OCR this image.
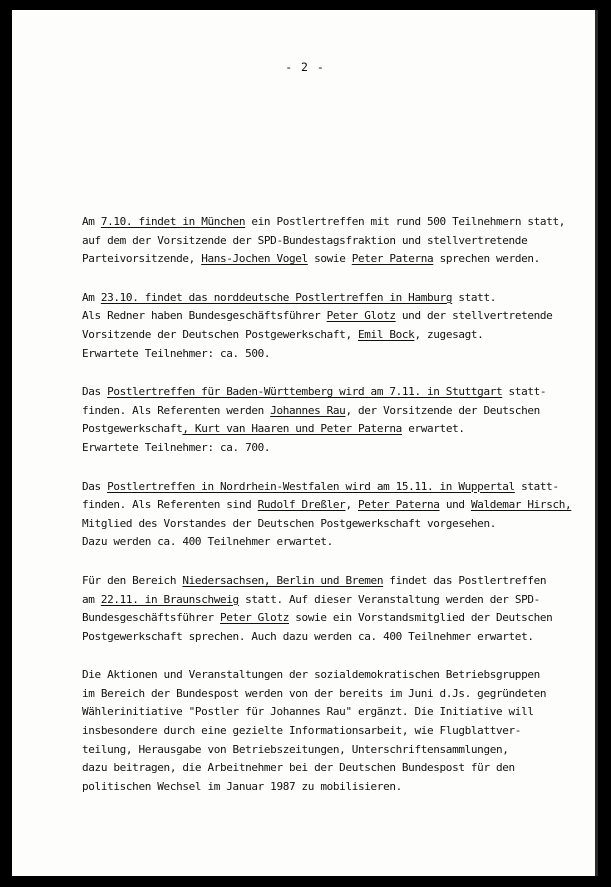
- 2 -
Am 7.10. findet in München ein Postlertreffen mit rund 500 Teilnehmern statt,
auf dem der Vorsitzende der SPD-Bundestagsfraktion und stellvertretende
Parteivorsitzende, Hans-Jochen Vogel sowie Peter Paterna sprechen werden.
Am 23.10. findet das norddeutsche Postlertreffen in Hamburg statt.
Als Redner haben Bundesgeschäftsführer Peter Glotz und der stellvertretende
Vorsitzende der Deutschen Postgewerkschaft, Emil Bock, zugesagt.
Erwartete Teilnehmer: ca. 500.
Das Postlertreffen für Baden-Württemberg wird am 7.11. in Stuttgart statt-
finden. Als Referenten werden Johannes Rau, der Vorsitzende der Deutschen
Postgewerkschaft, Kurt van Haaren und Peter Paterna erwartet.
Erwartete Teilnehmer: ca. 700.
Das Postlertreffen in Nordrhein-Westfalen wird am 15.11. in Wuppertal statt-
finden. Als Referenten sind Rudolf Dreßler, Peter Paterna und Waldemar Hirsch,
Mitglied des Vorstandes der Deutschen Postgewerkschaft vorgesehen.
Dazu werden ca. 400 Teilnehmer erwartet.
Für den Bereich Niedersachsen, Berlin und Bremen findet das Postlertreffen
am 22.11. in Braunschweig statt. Auf dieser Veranstaltung werden der SPD-
Bundesgeschäftsführer Peter Glotz sowie ein Vorstandsmitglied der Deutschen
Postgewerkschaft sprechen. Auch dazu werden ca. 400 Teilnehmer erwartet.
Die Aktionen und Veranstaltungen der sozialdemokratischen Betriebsgruppen
im Bereich der Bundespost werden von der bereits im Juni d.Js. gegründeten
Wählerinitiative "Postler für Johannes Rau" ergänzt. Die Initiative will
insbesondere durch eine gezielte Informationsarbeit, wie Flugblattver-
teilung, Herausgabe von Betriebszeitungen, Unterschriftensammlungen,
dazu beitragen, die Arbeitnehmer bei der Deutschen Bundespost für den
politischen Wechsel im Januar 1987 zu mobilisieren.
